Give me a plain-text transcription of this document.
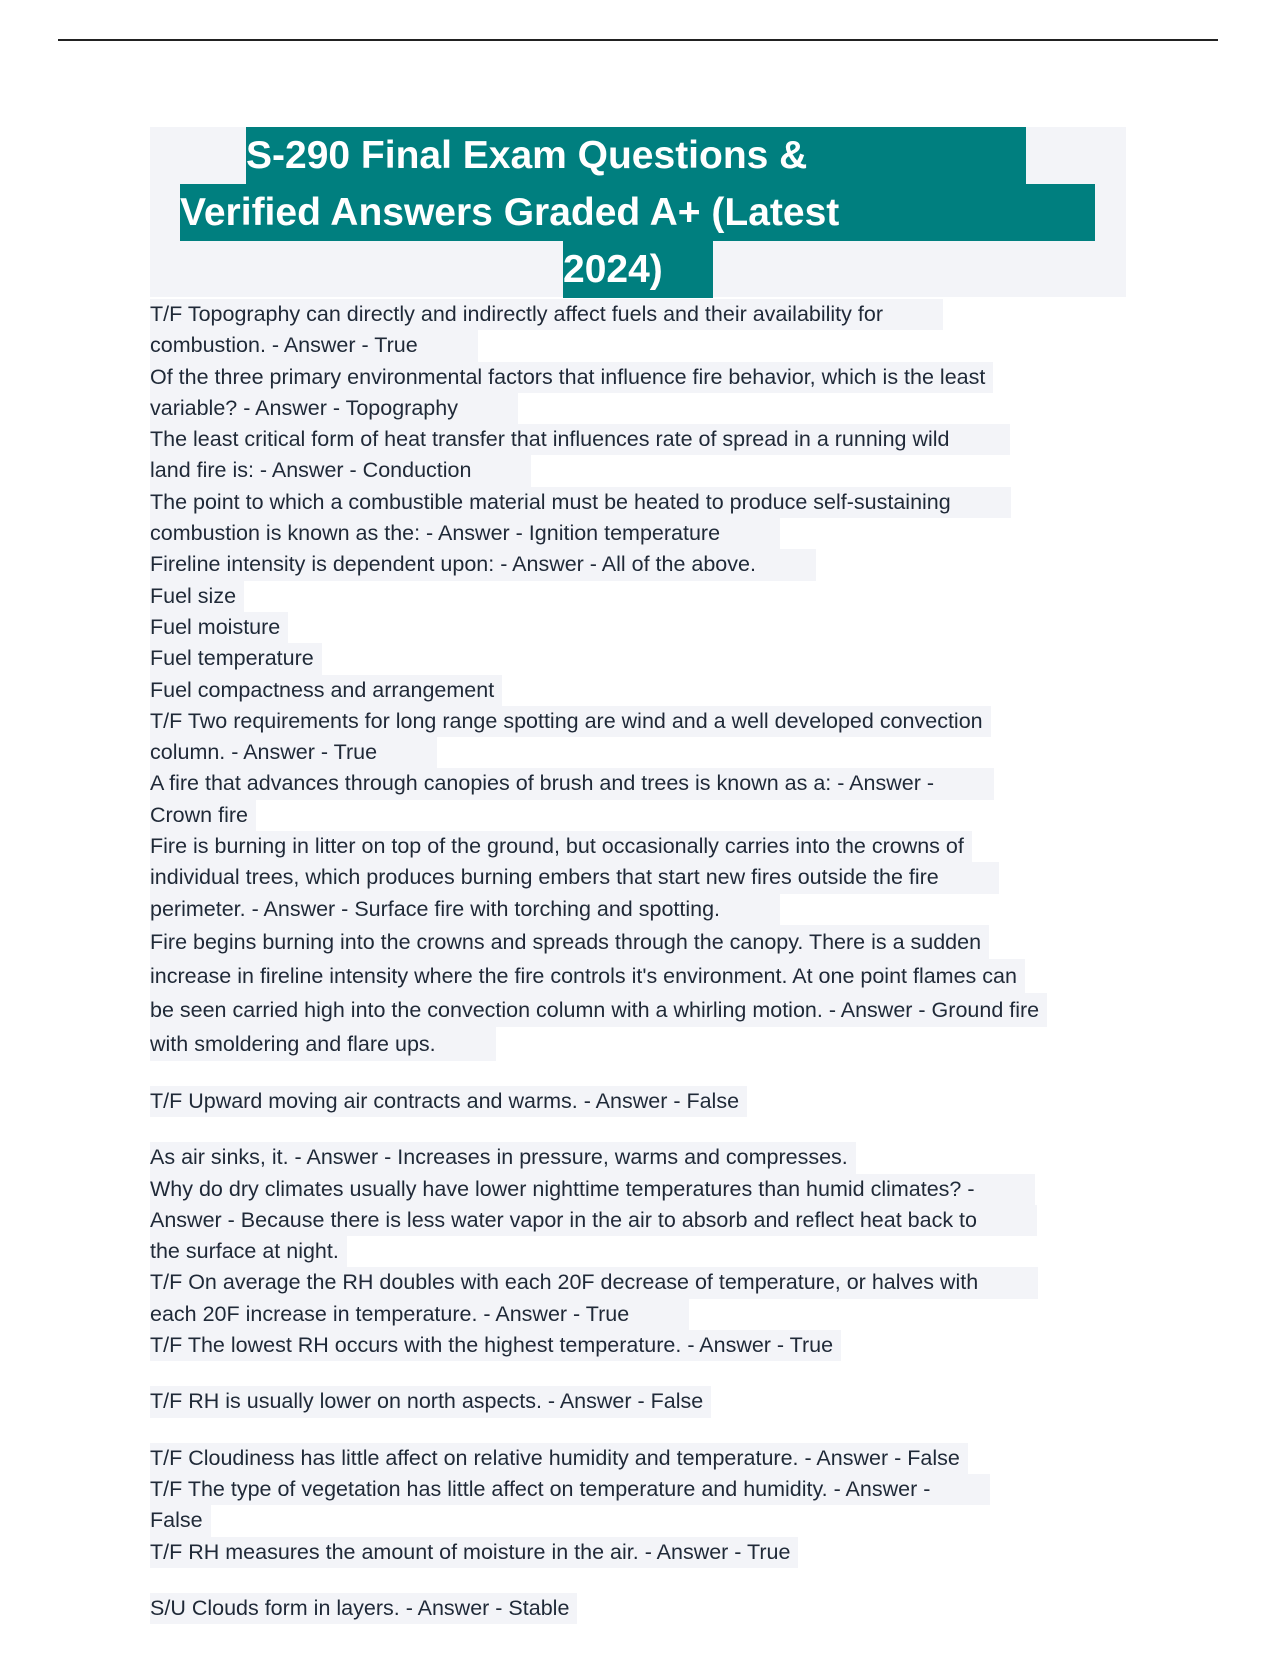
S-290 Final Exam Questions &
Verified Answers Graded A+ (Latest
2024)
T/F Topography can directly and indirectly affect fuels and their availability for
combustion. - Answer - True
Of the three primary environmental factors that influence fire behavior, which is the least
variable? - Answer - Topography
The least critical form of heat transfer that influences rate of spread in a running wild
land fire is: - Answer - Conduction
The point to which a combustible material must be heated to produce self-sustaining
combustion is known as the: - Answer - Ignition temperature
Fireline intensity is dependent upon: - Answer - All of the above.
Fuel size
Fuel moisture
Fuel temperature
Fuel compactness and arrangement
T/F Two requirements for long range spotting are wind and a well developed convection
column. - Answer - True
A fire that advances through canopies of brush and trees is known as a: - Answer -
Crown fire
Fire is burning in litter on top of the ground, but occasionally carries into the crowns of
individual trees, which produces burning embers that start new fires outside the fire
perimeter. - Answer - Surface fire with torching and spotting.
Fire begins burning into the crowns and spreads through the canopy. There is a sudden
increase in fireline intensity where the fire controls it's environment. At one point flames can
be seen carried high into the convection column with a whirling motion. - Answer - Ground fire
with smoldering and flare ups.
T/F Upward moving air contracts and warms. - Answer - False
As air sinks, it. - Answer - Increases in pressure, warms and compresses.
Why do dry climates usually have lower nighttime temperatures than humid climates? -
Answer - Because there is less water vapor in the air to absorb and reflect heat back to
the surface at night.
T/F On average the RH doubles with each 20F decrease of temperature, or halves with
each 20F increase in temperature. - Answer - True
T/F The lowest RH occurs with the highest temperature. - Answer - True
T/F RH is usually lower on north aspects. - Answer - False
T/F Cloudiness has little affect on relative humidity and temperature. - Answer - False
T/F The type of vegetation has little affect on temperature and humidity. - Answer -
False
T/F RH measures the amount of moisture in the air. - Answer - True
S/U Clouds form in layers. - Answer - Stable
